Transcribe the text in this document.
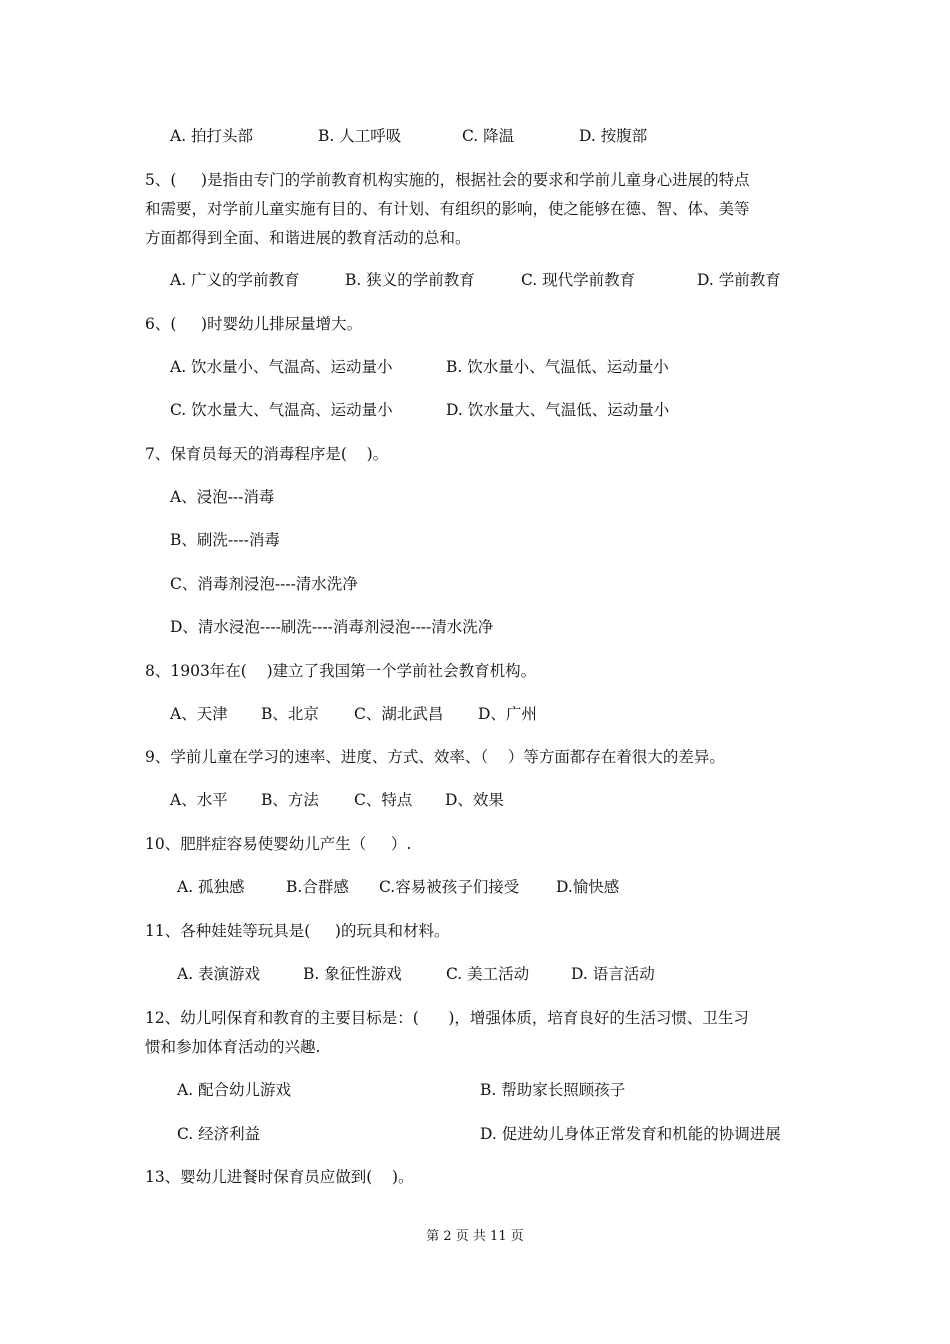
A. 拍打头部	B. 人工呼吸	C. 降温	D. 按腹部
5、(     )是指由专门的学前教育机构实施的，根据社会的要求和学前儿童身心进展的特点
和需要，对学前儿童实施有目的、有计划、有组织的影响，使之能够在德、智、体、美等
方面都得到全面、和谐进展的教育活动的总和。
A. 广义的学前教育	B. 狭义的学前教育	C. 现代学前教育	D. 学前教育
6、(     )时婴幼儿排尿量增大。
A. 饮水量小、气温高、运动量小	B. 饮水量小、气温低、运动量小
C. 饮水量大、气温高、运动量小	D. 饮水量大、气温低、运动量小
7、保育员每天的消毒程序是(    )。
A、浸泡---消毒
B、刷洗----消毒
C、消毒剂浸泡----清水洗净
D、清水浸泡----刷洗----消毒剂浸泡----清水洗净
8、1903年在(    )建立了我国第一个学前社会教育机构。
A、天津 B、北京 C、湖北武昌 D、广州
9、学前儿童在学习的速率、进度、方式、效率、（    ）等方面都存在着很大的差异。
A、水平 B、方法 C、特点 D、效果
10、肥胖症容易使婴幼儿产生（     ）.
A. 孤独感	B.合群感 C.容易被孩子们接受 D.愉快感
11、各种娃娃等玩具是(     )的玩具和材料。
A. 表演游戏	B. 象征性游戏	C. 美工活动	D. 语言活动
12、幼儿吲保育和教育的主要目标是：(      )，增强体质，培育良好的生活习惯、卫生习
惯和参加体育活动的兴趣.
A. 配合幼儿游戏	B. 帮助家长照顾孩子
C. 经济利益	D. 促进幼儿身体正常发育和机能的协调进展
13、婴幼儿进餐时保育员应做到(    )。
第 2 页 共 11 页
